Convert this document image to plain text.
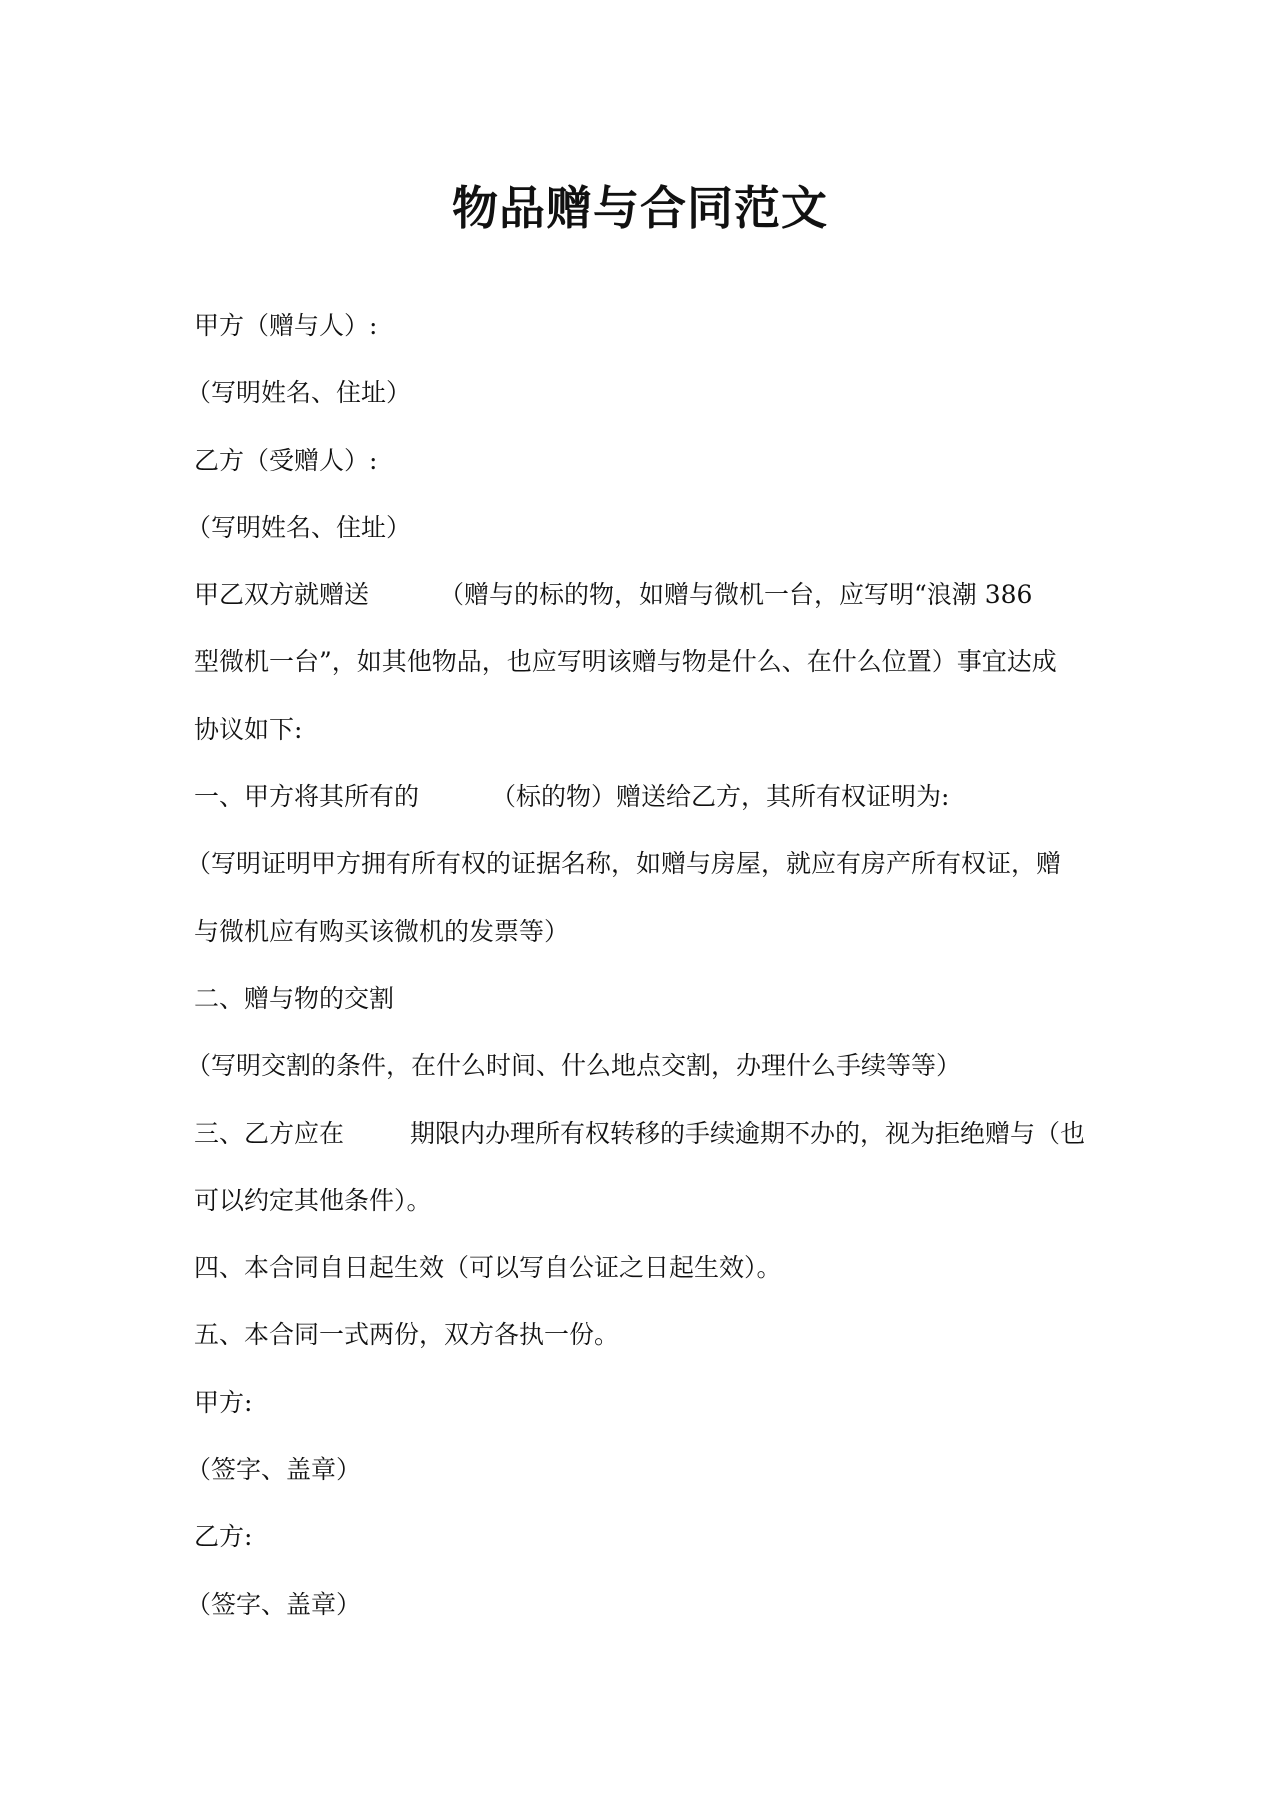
物品赠与合同范文
甲方（赠与人）:
（写明姓名、住址）
乙方（受赠人）:
（写明姓名、住址）
甲乙双方就赠送	（赠与的标的物，如赠与微机一台，应写明“浪潮 386
型微机一台”，如其他物品，也应写明该赠与物是什么、在什么位置）事宜达成
协议如下:
一、甲方将其所有的	（标的物）赠送给乙方，其所有权证明为:
（写明证明甲方拥有所有权的证据名称，如赠与房屋，就应有房产所有权证，赠
与微机应有购买该微机的发票等）
二、赠与物的交割
（写明交割的条件，在什么时间、什么地点交割，办理什么手续等等）
三、乙方应在	期限内办理所有权转移的手续逾期不办的，视为拒绝赠与（也
可以约定其他条件）。
四、本合同自日起生效（可以写自公证之日起生效）。
五、本合同一式两份，双方各执一份。
甲方:
（签字、盖章）
乙方:
（签字、盖章）
